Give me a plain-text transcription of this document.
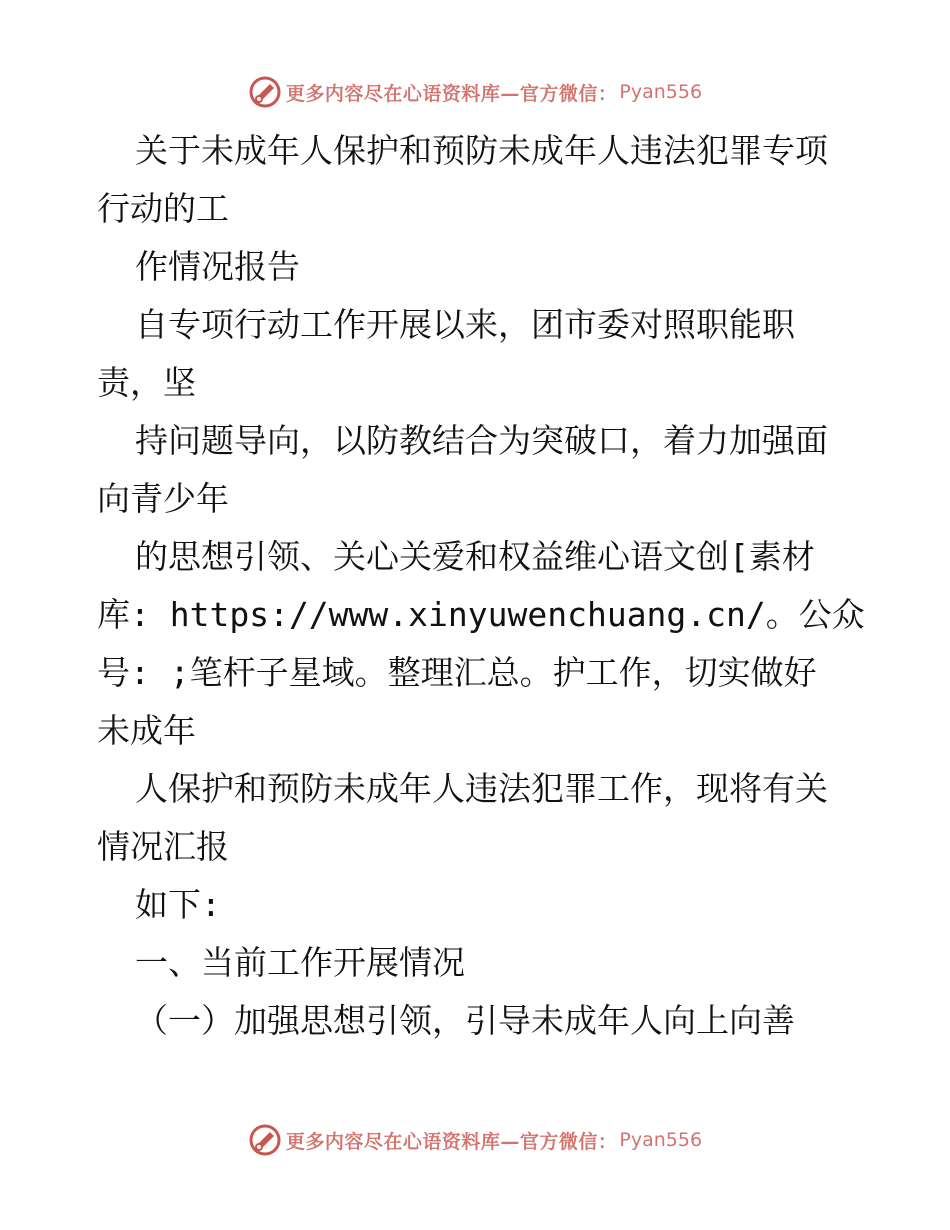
更多内容尽在心语资料库—官方微信： Pyan556
关于未成年人保护和预防未成年人违法犯罪专项
行动的工
作情况报告
自专项行动工作开展以来，团市委对照职能职
责，坚
持问题导向，以防教结合为突破口，着力加强面
向青少年
的思想引领、关心关爱和权益维心语文创[素材
库: https://www.xinyuwenchuang.cn/。公众
号: ;笔杆子星域。整理汇总。护工作，切实做好
未成年
人保护和预防未成年人违法犯罪工作，现将有关
情况汇报
如下:
一、当前工作开展情况
（一）加强思想引领，引导未成年人向上向善
更多内容尽在心语资料库—官方微信： Pyan556
